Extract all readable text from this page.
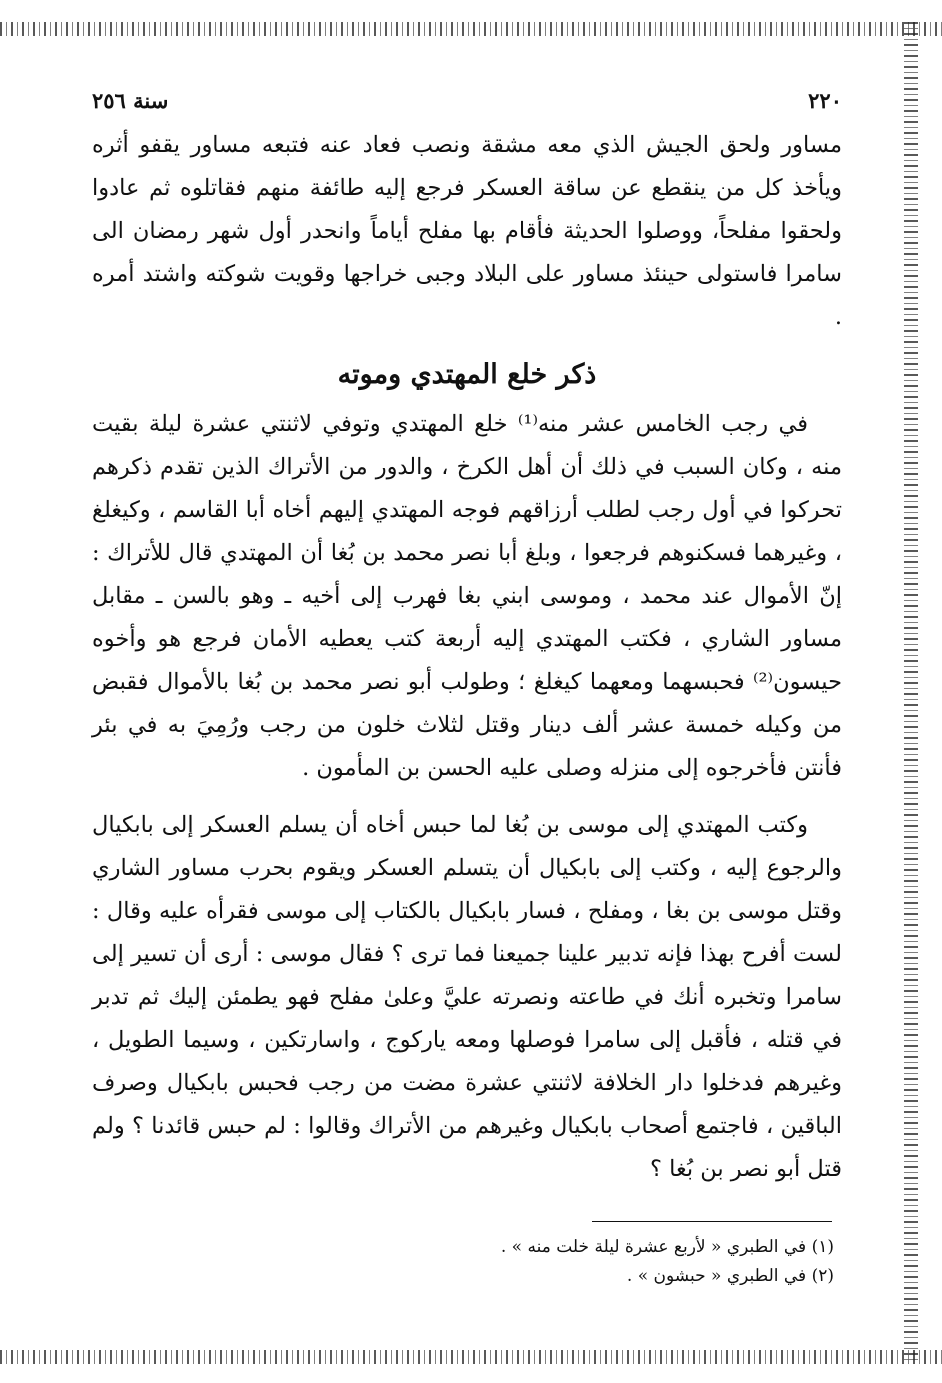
٢٢٠
سنة ٢٥٦

مساور ولحق الجيش الذي معه مشقة ونصب فعاد عنه فتبعه مساور يقفو أثره ويأخذ كل من ينقطع عن ساقة العسكر فرجع إليه طائفة منهم فقاتلوه ثم عادوا ولحقوا مفلحاً، ووصلوا الحديثة فأقام بها مفلح أياماً وانحدر أول شهر رمضان الى سامرا فاستولى حينئذ مساور على البلاد وجبى خراجها وقويت شوكته واشتد أمره .

ذكر خلع المهتدي وموته

في رجب الخامس عشر منه⁽¹⁾ خلع المهتدي وتوفي لاثنتي عشرة ليلة بقيت منه ، وكان السبب في ذلك أن أهل الكرخ ، والدور من الأتراك الذين تقدم ذكرهم تحركوا في أول رجب لطلب أرزاقهم فوجه المهتدي إليهم أخاه أبا القاسم ، وكيغلغ ، وغيرهما فسكنوهم فرجعوا ، وبلغ أبا نصر محمد بن بُغا أن المهتدي قال للأتراك : إنّ الأموال عند محمد ، وموسى ابني بغا فهرب إلى أخيه ـ وهو بالسن ـ مقابل مساور الشاري ، فكتب المهتدي إليه أربعة كتب يعطيه الأمان فرجع هو وأخوه حيسون⁽²⁾ فحبسهما ومعهما كيغلغ ؛ وطولب أبو نصر محمد بن بُغا بالأموال فقبض من وكيله خمسة عشر ألف دينار وقتل لثلاث خلون من رجب ورُمِيَ به في بئر فأنتن فأخرجوه إلى منزله وصلى عليه الحسن بن المأمون .

وكتب المهتدي إلى موسى بن بُغا لما حبس أخاه أن يسلم العسكر إلى بابكيال والرجوع إليه ، وكتب إلى بابكيال أن يتسلم العسكر ويقوم بحرب مساور الشاري وقتل موسى بن بغا ، ومفلح ، فسار بابكيال بالكتاب إلى موسى فقرأه عليه وقال : لست أفرح بهذا فإنه تدبير علينا جميعنا فما ترى ؟ فقال موسى : أرى أن تسير إلى سامرا وتخبره أنك في طاعته ونصرته عليَّ وعلىٰ مفلح فهو يطمئن إليك ثم تدبر في قتله ، فأقبل إلى سامرا فوصلها ومعه ياركوج ، واسارتكين ، وسيما الطويل ، وغيرهم فدخلوا دار الخلافة لاثنتي عشرة مضت من رجب فحبس بابكيال وصرف الباقين ، فاجتمع أصحاب بابكيال وغيرهم من الأتراك وقالوا : لم حبس قائدنا ؟ ولم قتل أبو نصر بن بُغا ؟

(١) في الطبري « لأربع عشرة ليلة خلت منه » .
(٢) في الطبري « حبشون » .
